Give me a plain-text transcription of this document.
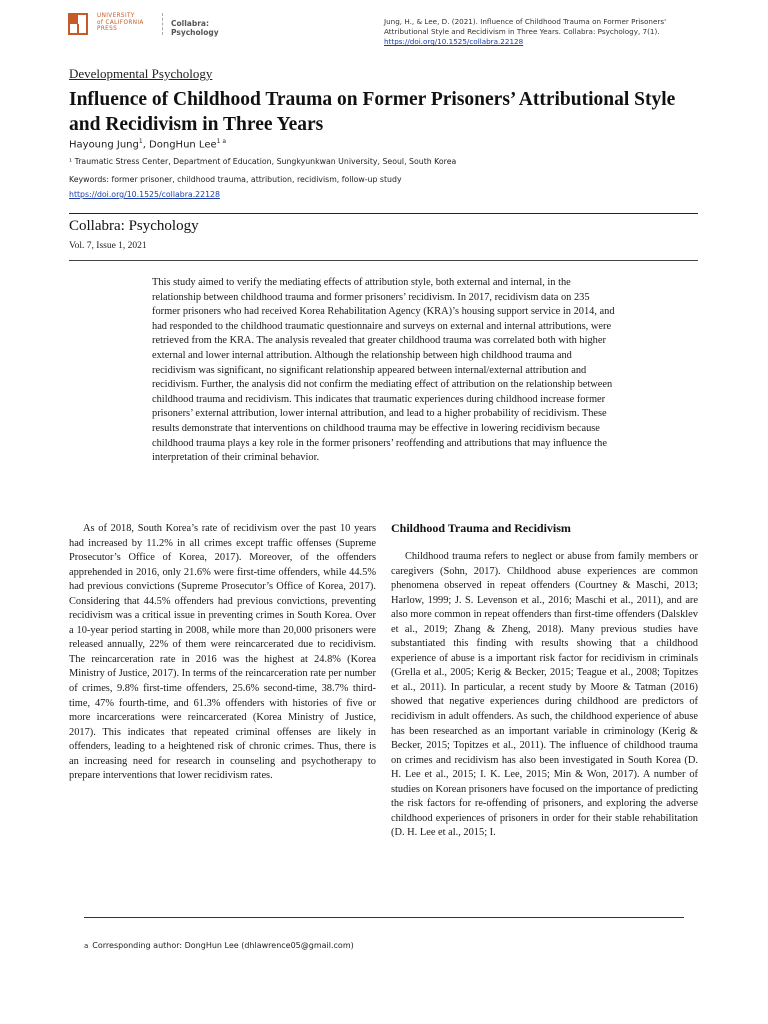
UNIVERSITY
of CALIFORNIA
PRESS
Collabra: Psychology
Jung, H., & Lee, D. (2021). Influence of Childhood Trauma on Former Prisoners'
Attributional Style and Recidivism in Three Years. Collabra: Psychology, 7(1).
https://doi.org/10.1525/collabra.22128
Developmental Psychology
Influence of Childhood Trauma on Former Prisoners’ Attributional Style and Recidivism in Three Years
Hayoung Jung$^1$, DongHun Lee$^{1 a}$
¹ Traumatic Stress Center, Department of Education, Sungkyunkwan University, Seoul, South Korea
Keywords: former prisoner, childhood trauma, attribution, recidivism, follow-up study
https://doi.org/10.1525/collabra.22128
Collabra: Psychology
Vol. 7, Issue 1, 2021
This study aimed to verify the mediating effects of attribution style, both external and internal, in the relationship between childhood trauma and former prisoners’ recidivism. In 2017, recidivism data on 235 former prisoners who had received Korea Rehabilitation Agency (KRA)’s housing support service in 2014, and had responded to the childhood traumatic questionnaire and surveys on external and internal attributions, were retrieved from the KRA. The analysis revealed that greater childhood trauma was correlated both with higher external and lower internal attribution. Although the relationship between high childhood trauma and recidivism was significant, no significant relationship appeared between internal/external attribution and recidivism. Further, the analysis did not confirm the mediating effect of attribution on the relationship between childhood trauma and recidivism. This indicates that traumatic experiences during childhood increase former prisoners’ external attribution, lower internal attribution, and lead to a higher probability of recidivism. These results demonstrate that interventions on childhood trauma may be effective in lowering recidivism because childhood trauma plays a key role in the former prisoners’ reoffending and attributions that may influence the interpretation of their criminal behavior.
As of 2018, South Korea’s rate of recidivism over the past 10 years had increased by 11.2% in all crimes except traffic offenses (Supreme Prosecutor’s Office of Korea, 2017). Moreover, of the offenders apprehended in 2016, only 21.6% were first-time offenders, while 44.5% had previous convictions (Supreme Prosecutor’s Office of Korea, 2017). Considering that 44.5% offenders had previous convictions, preventing recidivism was a critical issue in preventing crimes in South Korea. Over a 10-year period starting in 2008, while more than 20,000 prisoners were released annually, 22% of them were reincarcerated due to recidivism. The reincarceration rate in 2016 was the highest at 24.8% (Korea Ministry of Justice, 2017). In terms of the reincarceration rate per number of crimes, 9.8% first-time offenders, 25.6% second-time, 38.7% third-time, 47% fourth-time, and 61.3% offenders with histories of five or more incarcerations were reincarcerated (Korea Ministry of Justice, 2017). This indicates that repeated criminal offenses are likely in offenders, leading to a heightened risk of chronic crimes. Thus, there is an increasing need for research in counseling and psychotherapy to prepare interventions that lower recidivism rates.
Childhood Trauma and Recidivism
Childhood trauma refers to neglect or abuse from family members or caregivers (Sohn, 2017). Childhood abuse experiences are common phenomena observed in repeat offenders (Courtney & Maschi, 2013; Harlow, 1999; J. S. Levenson et al., 2016; Maschi et al., 2011), and are also more common in repeat offenders than first-time offenders (Dalsklev et al., 2019; Zhang & Zheng, 2018). Many previous studies have substantiated this finding with results showing that a childhood experience of abuse is a important risk factor for recidivism in criminals (Grella et al., 2005; Kerig & Becker, 2015; Teague et al., 2008; Topitzes et al., 2011). In particular, a recent study by Moore & Tatman (2016) showed that negative experiences during childhood are predictors of recidivism in adult offenders. As such, the childhood experience of abuse has been researched as an important variable in criminology (Kerig & Becker, 2015; Topitzes et al., 2011). The influence of childhood trauma on crimes and recidivism has also been investigated in South Korea (D. H. Lee et al., 2015; I. K. Lee, 2015; Min & Won, 2017). A number of studies on Korean prisoners have focused on the importance of predicting the risk factors for re-offending of prisoners, and exploring the adverse childhood experiences of prisoners in order for their stable rehabilitation (D. H. Lee et al., 2015; I.
a Corresponding author: DongHun Lee (dhlawrence05@gmail.com)
